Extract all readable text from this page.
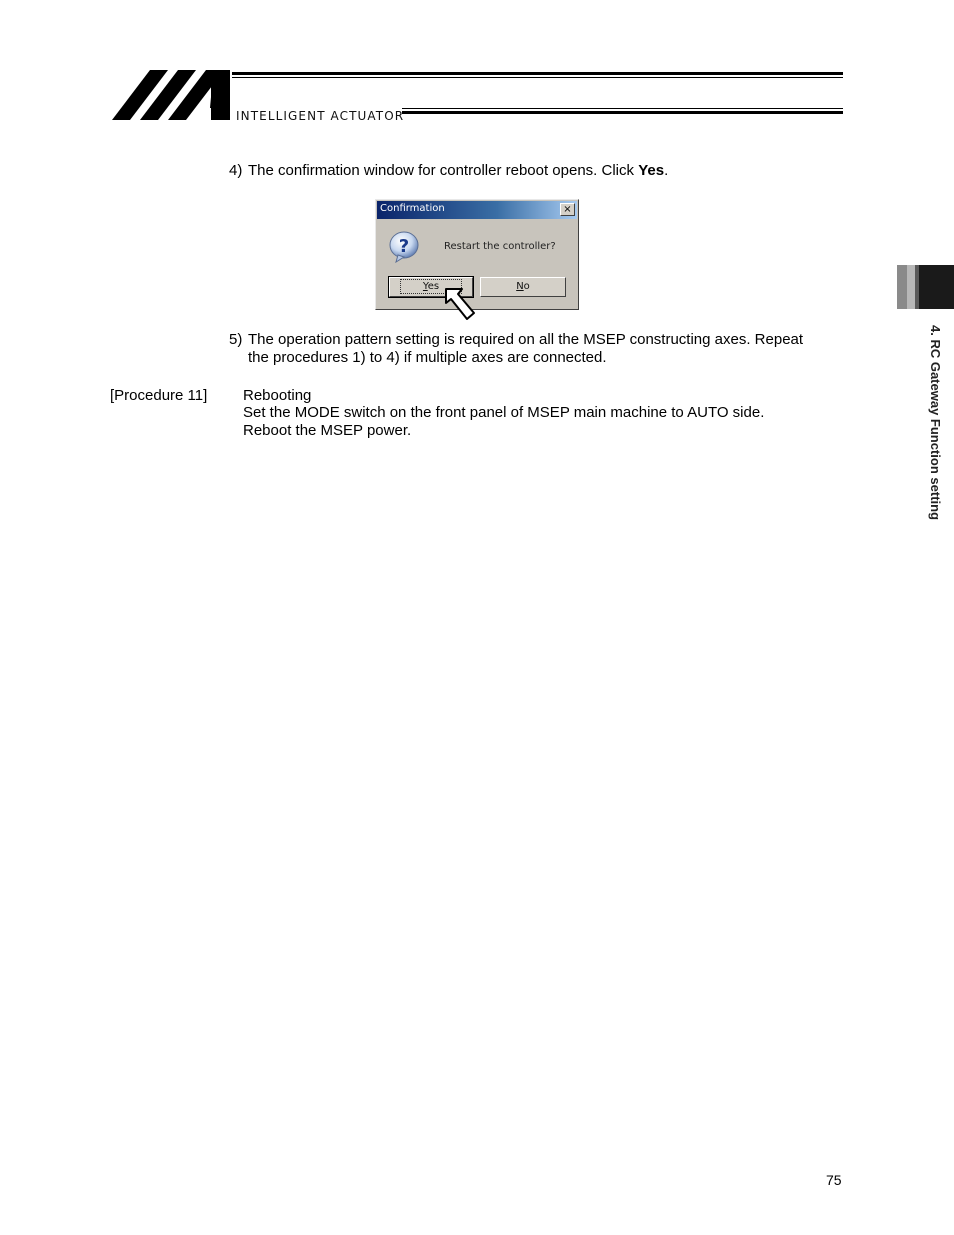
INTELLIGENT ACTUATOR
4) The confirmation window for controller reboot opens. Click Yes.
Confirmation	×
?	Restart the controller?
Yes	No
5) The operation pattern setting is required on all the MSEP constructing axes. Repeat
the procedures 1) to 4) if multiple axes are connected.
[Procedure 11] Rebooting
Set the MODE switch on the front panel of MSEP main machine to AUTO side.
Reboot the MSEP power.	4. RC Gateway Function setting
75
